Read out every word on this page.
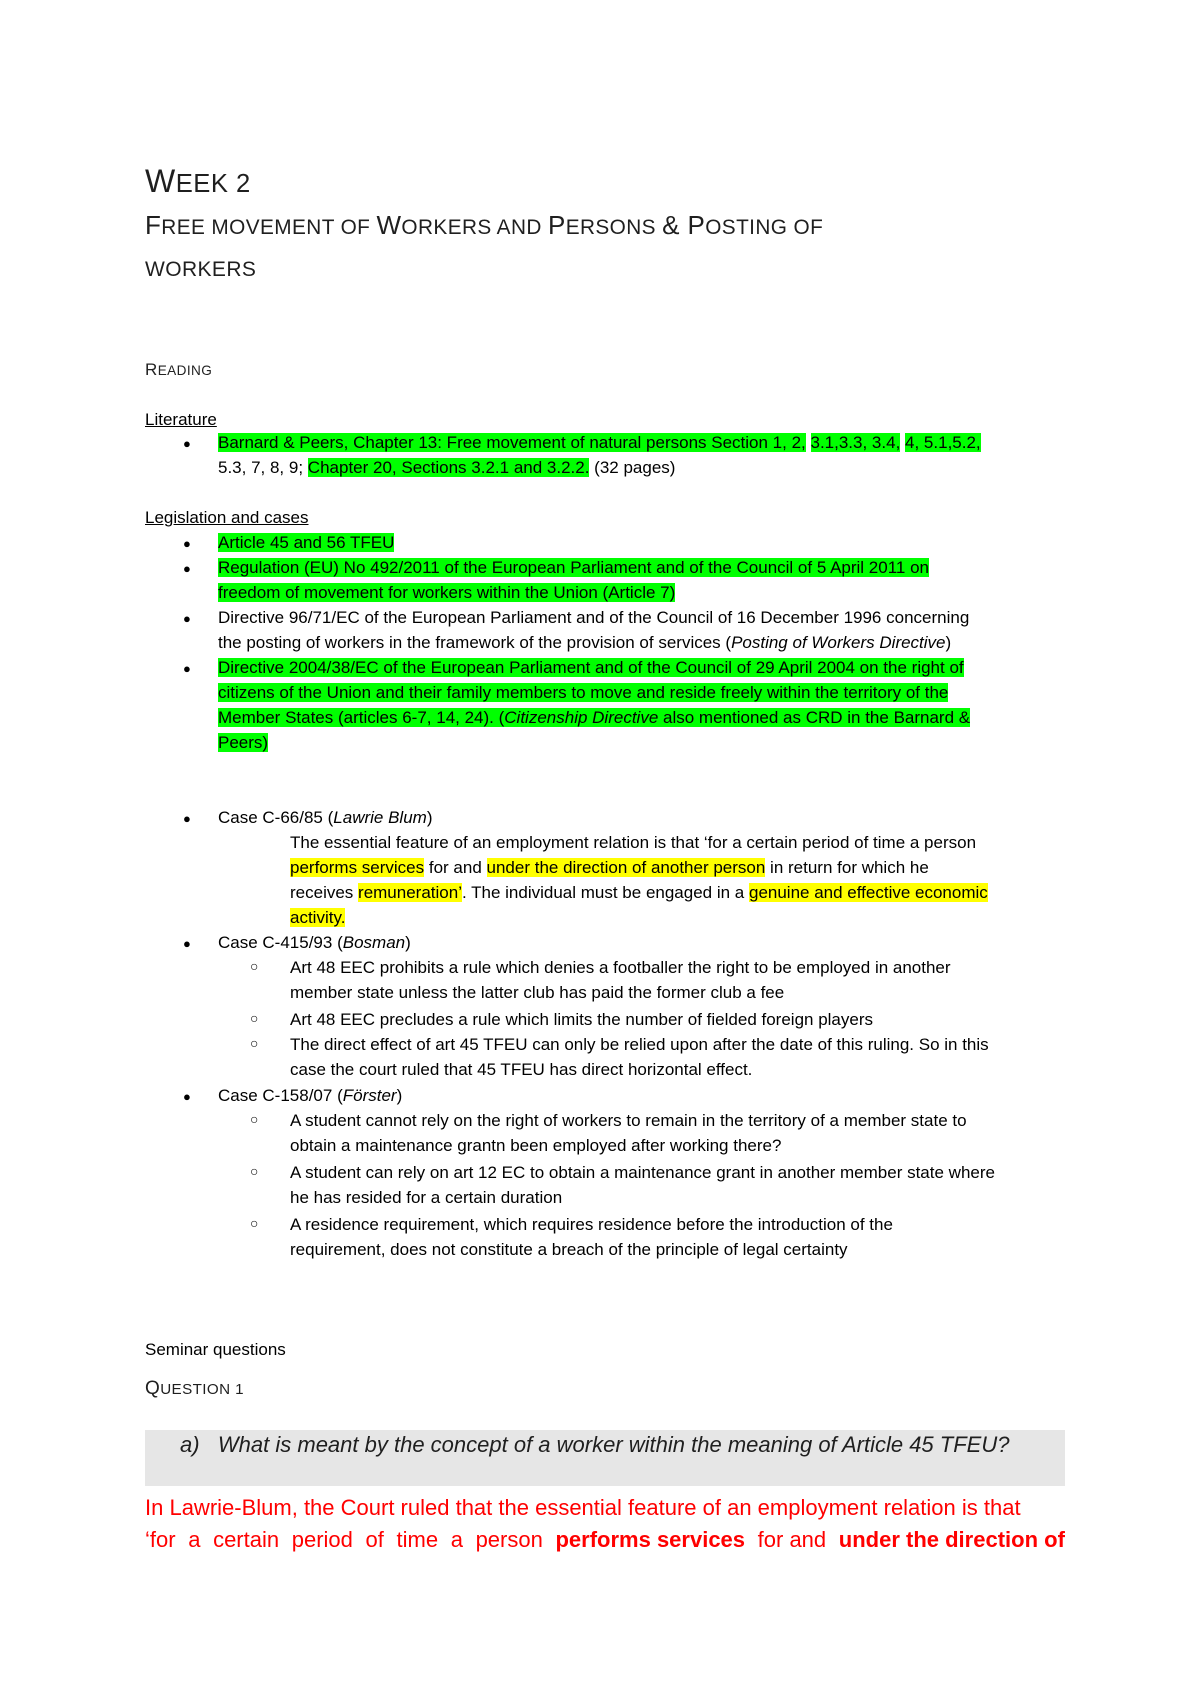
WEEK 2
FREE MOVEMENT OF WORKERS AND PERSONS & POSTING OF
WORKERS
READING
Literature
● Barnard & Peers, Chapter 13: Free movement of natural persons Section 1, 2, 3.1,3.3, 3.4, 4, 5.1,5.2,
5.3, 7, 8, 9; Chapter 20, Sections 3.2.1 and 3.2.2. (32 pages)
Legislation and cases
● Article 45 and 56 TFEU
● Regulation (EU) No 492/2011 of the European Parliament and of the Council of 5 April 2011 on
freedom of movement for workers within the Union (Article 7)
● Directive 96/71/EC of the European Parliament and of the Council of 16 December 1996 concerning
the posting of workers in the framework of the provision of services (Posting of Workers Directive)
● Directive 2004/38/EC of the European Parliament and of the Council of 29 April 2004 on the right of
citizens of the Union and their family members to move and reside freely within the territory of the
Member States (articles 6-7, 14, 24). (Citizenship Directive also mentioned as CRD in the Barnard &
Peers)
● Case C-66/85 (Lawrie Blum)
The essential feature of an employment relation is that ‘for a certain period of time a person
performs services for and under the direction of another person in return for which he
receives remuneration’. The individual must be engaged in a genuine and effective economic
activity.
● Case C-415/93 (Bosman)
○ Art 48 EEC prohibits a rule which denies a footballer the right to be employed in another
member state unless the latter club has paid the former club a fee
○ Art 48 EEC precludes a rule which limits the number of fielded foreign players
○ The direct effect of art 45 TFEU can only be relied upon after the date of this ruling. So in this
case the court ruled that 45 TFEU has direct horizontal effect.
● Case C-158/07 (Förster)
○ A student cannot rely on the right of workers to remain in the territory of a member state to
obtain a maintenance grantn been employed after working there?
○ A student can rely on art 12 EC to obtain a maintenance grant in another member state where
he has resided for a certain duration
○ A residence requirement, which requires residence before the introduction of the
requirement, does not constitute a breach of the principle of legal certainty
Seminar questions
QUESTION 1
a) What is meant by the concept of a worker within the meaning of Article 45 TFEU?
In Lawrie-Blum, the Court ruled that the essential feature of an employment relation is that
‘for a certain period of time a person performs services for and under the direction of
